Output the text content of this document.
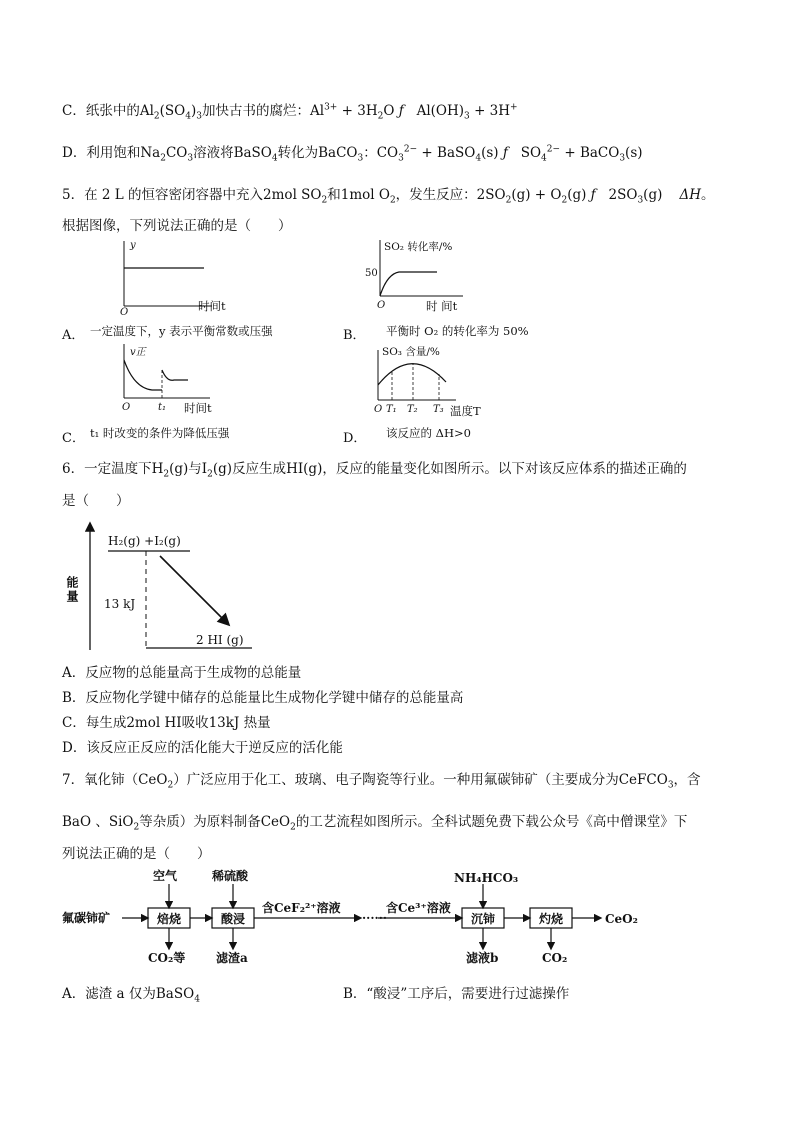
C．纸张中的$Al_2(SO_4)_3$加快古书的腐烂：$Al^{3+} + 3H_2O$ ƒ   $Al(OH)_3 + 3H^+$
D．利用饱和$Na_2CO_3$溶液将BaSO$_4$转化为BaCO$_3$：$CO_3^{2-}$ + BaSO$_4$(s) ƒ   $SO_4^{2-}$ + BaCO$_3$(s)
5．在 2 L 的恒容密闭容器中充入2mol $SO_2$和1mol $O_2$，发生反应：$2SO_2(g) + O_2(g)$ ƒ   $2SO_3(g)$    ΔH。
根据图像，下列说法正确的是（　　）
y
O	时间t
50
O
SO₂ 转化率/%
时 间t
A． 一定温度下，y 表示平衡常数或压强	B． 平衡时 O₂ 的转化率为 50%
O	t₁
v正
时间t	O T₁ T₂ T₃
SO₃ 含量/%
温度T
C． t₁ 时改变的条件为降低压强	D． 该反应的 ΔH>0
6．一定温度下$H_2(g)$与$I_2(g)$反应生成HI(g)，反应的能量变化如图所示。以下对该反应体系的描述正确的
是（　　）
H₂(g) +I₂(g)
13 kJ
2 HI (g)
能量
A．反应物的总能量高于生成物的总能量
B．反应物化学键中储存的总能量比生成物化学键中储存的总能量高
C．每生成2mol HI吸收13kJ 热量
D．该反应正反应的活化能大于逆反应的活化能
7．氧化铈（CeO$_2$）广泛应用于化工、玻璃、电子陶瓷等行业。一种用氟碳铈矿（主要成分为CeFCO$_3$，含
BaO 、SiO$_2$等杂质）为原料制备CeO$_2$的工艺流程如图所示。全科试题免费下载公众号《高中僧课堂》下
列说法正确的是（　　）
氟碳铈矿
空气
焙烧
CO₂等
稀硫酸
酸浸
滤渣a
含CeF₂²⁺溶液
······
含Ce³⁺溶液
NH₄HCO₃
沉铈
滤液b
灼烧
CO₂
CeO₂
A．滤渣 a 仅为BaSO$_4$	B．“酸浸”工序后，需要进行过滤操作
